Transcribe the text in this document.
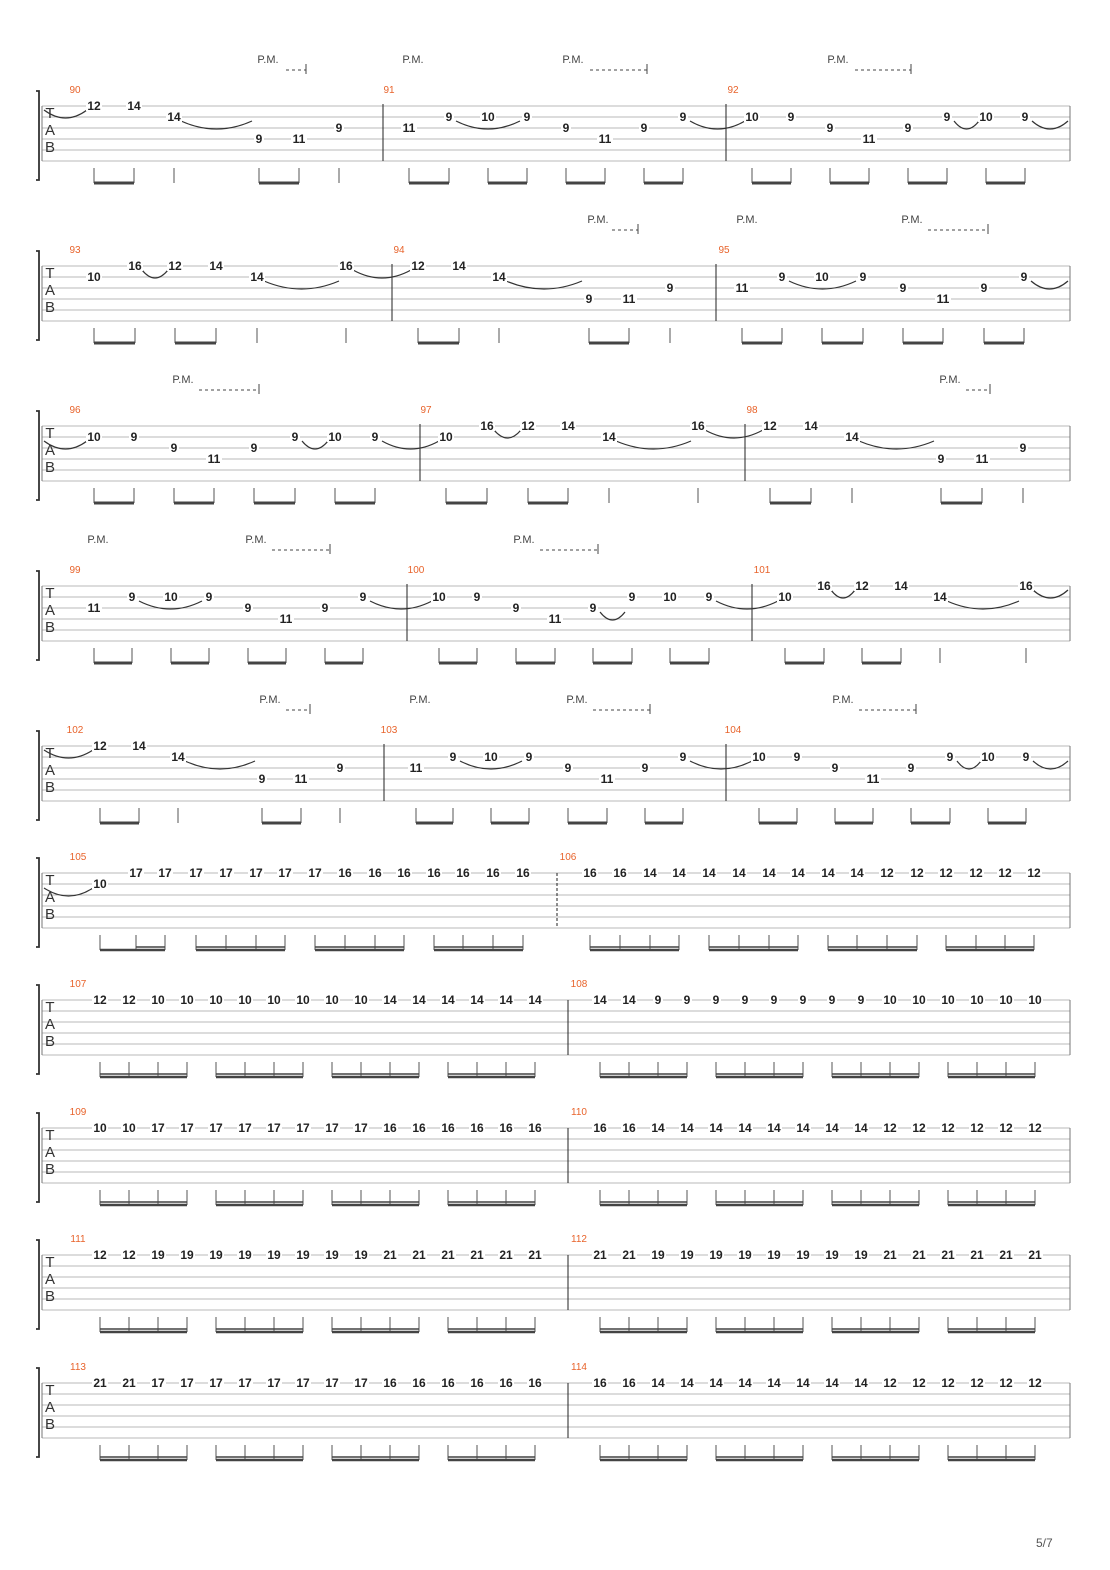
T
A
B
90	91	92
P.M.	P.M.	P.M.	P.M.
12 14
14
9	11
9	11
9 10 9
9
11
9
9	10 9
9
11
9
9 10 9
T
A
B
93	94	95
P.M.	P.M.	P.M.
10
16 12 14
14
16	12 14
14
9	11
9	11
9 10	9
9
11
9
9
T
A
B
96	97	98
P.M.	P.M.
10 9
9
11
9
9 10 9	10
16 12 14
14
16	12 14
14
9	11
9
T
A
B
99	100	101
P.M.	P.M.	P.M.
11
9 10 9
9
11
9
9	10 9
9
11
9
9 10 9	10
16 12 14
14
16
T
A
B
102	103	104
P.M.	P.M.	P.M.	P.M.
12 14
14
9 11
9	11
9 10 9
9
11
9
9	10 9
9
11
9
9 10 9
T
A
B
105	106
10
17 17 17 17 17 17 17 16 16 16 16 16 16 16	16 16 14 14 14 14 14 14 14 14 12 12 12 12 12 12
T
A
B
107	108
12 12 10 10 10 10 10 10 10 10 14 14 14 14 14 14	14 14 9 9 9 9 9 9 9 9 10 10 10 10 10 10
T
A
B
109	110
10 10 17 17 17 17 17 17 17 17 16 16 16 16 16 16	16 16 14 14 14 14 14 14 14 14 12 12 12 12 12 12
T
A
B
111	112
12 12 19 19 19 19 19 19 19 19 21 21 21 21 21 21	21 21 19 19 19 19 19 19 19 19 21 21 21 21 21 21
T
A
B
113	114
21 21 17 17 17 17 17 17 17 17 16 16 16 16 16 16	16 16 14 14 14 14 14 14 14 14 12 12 12 12 12 12
5/7
